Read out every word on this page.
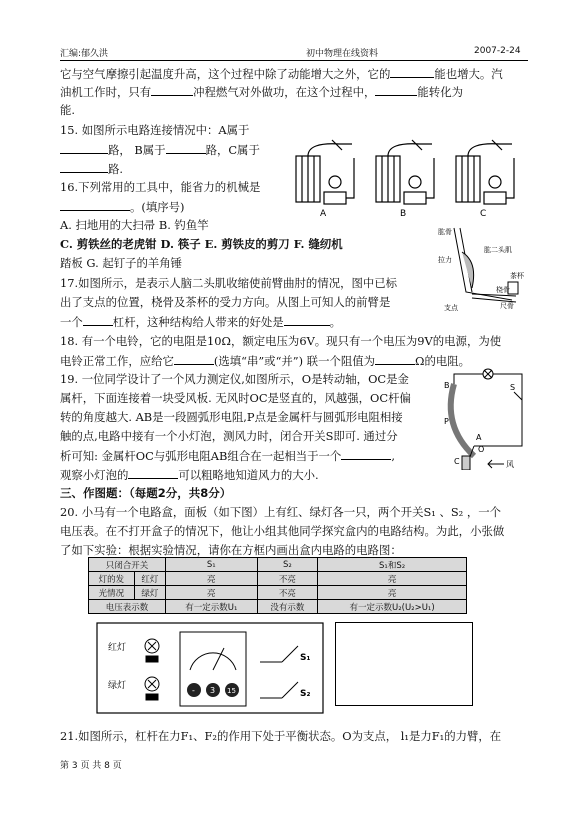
汇编:郁久洪	初中物理在线资料	2007-2-24
它与空气摩擦引起温度升高，这个过程中除了动能增大之外，它的	能也增大。汽
油机工作时，只有	冲程燃气对外做功，在这个过程中，	能转化为
能.
15. 如图所示电路连接情况中：A属于
路， B属于	路，C属于
路.
A	B	C
16.下列常用的工具中，能省力的机械是
。(填序号)
A. 扫地用的大扫帚 B. 钓鱼竿
C. 剪铁丝的老虎钳 D. 筷子 E. 剪铁皮的剪刀 F. 缝纫机
踏板 G. 起钉子的羊角锤
肱骨
肱二头肌
桡骨
尺骨
支点
拉力
茶杯
17.如图所示，是表示人脑二头肌收缩使前臂曲肘的情况，图中已标
出了支点的位置，桡骨及茶杯的受力方向。从图上可知人的前臂是
一个	杠杆，这种结构给人带来的好处是	。
18. 有一个电铃，它的电阻是10Ω，额定电压为6V。现只有一个电压为9V的电源，为使
电铃正常工作，应给它	(选填“串”或“并”) 联一个阻值为	Ω的电阻。
19. 一位同学设计了一个风力测定仪,如图所示，O是转动轴，OC是金
属杆，下面连接着一块受风板. 无风时OC是竖直的，风越强，OC杆偏
转的角度越大. AB是一段圆弧形电阻,P点是金属杆与圆弧形电阻相接
触的点,电路中接有一个小灯泡，测风力时，闭合开关S即可. 通过分
析可知: 金属杆OC与弧形电阻AB组合在一起相当于一个	,
观察小灯泡的	可以粗略地知道风力的大小.
S
P
A
B
O
C	风
三、作图题：（每题2分，共8分）
20. 小马有一个电路盒，面板（如下图）上有红、绿灯各一只，两个开关S₁ 、S₂ ，一个
电压表。在不打开盒子的情况下，他让小组其他同学探究盒内的电路结构。为此，小张做
了如下实验：根据实验情况，请你在方框内画出盒内电路的电路图：
只闭合开关		S₁	S₂	S₁和S₂
灯的发	红灯	亮	不亮	亮
光情况	绿灯	亮	不亮	亮
电压表示数		有一定示数U₁	没有示数	有一定示数U₂(U₂>U₁)
- 3 15
红灯
绿灯
S₁
S₂
21.如图所示，杠杆在力F₁、F₂的作用下处于平衡状态。O为支点， l₁是力F₁的力臂，在
第 3 页 共 8 页
